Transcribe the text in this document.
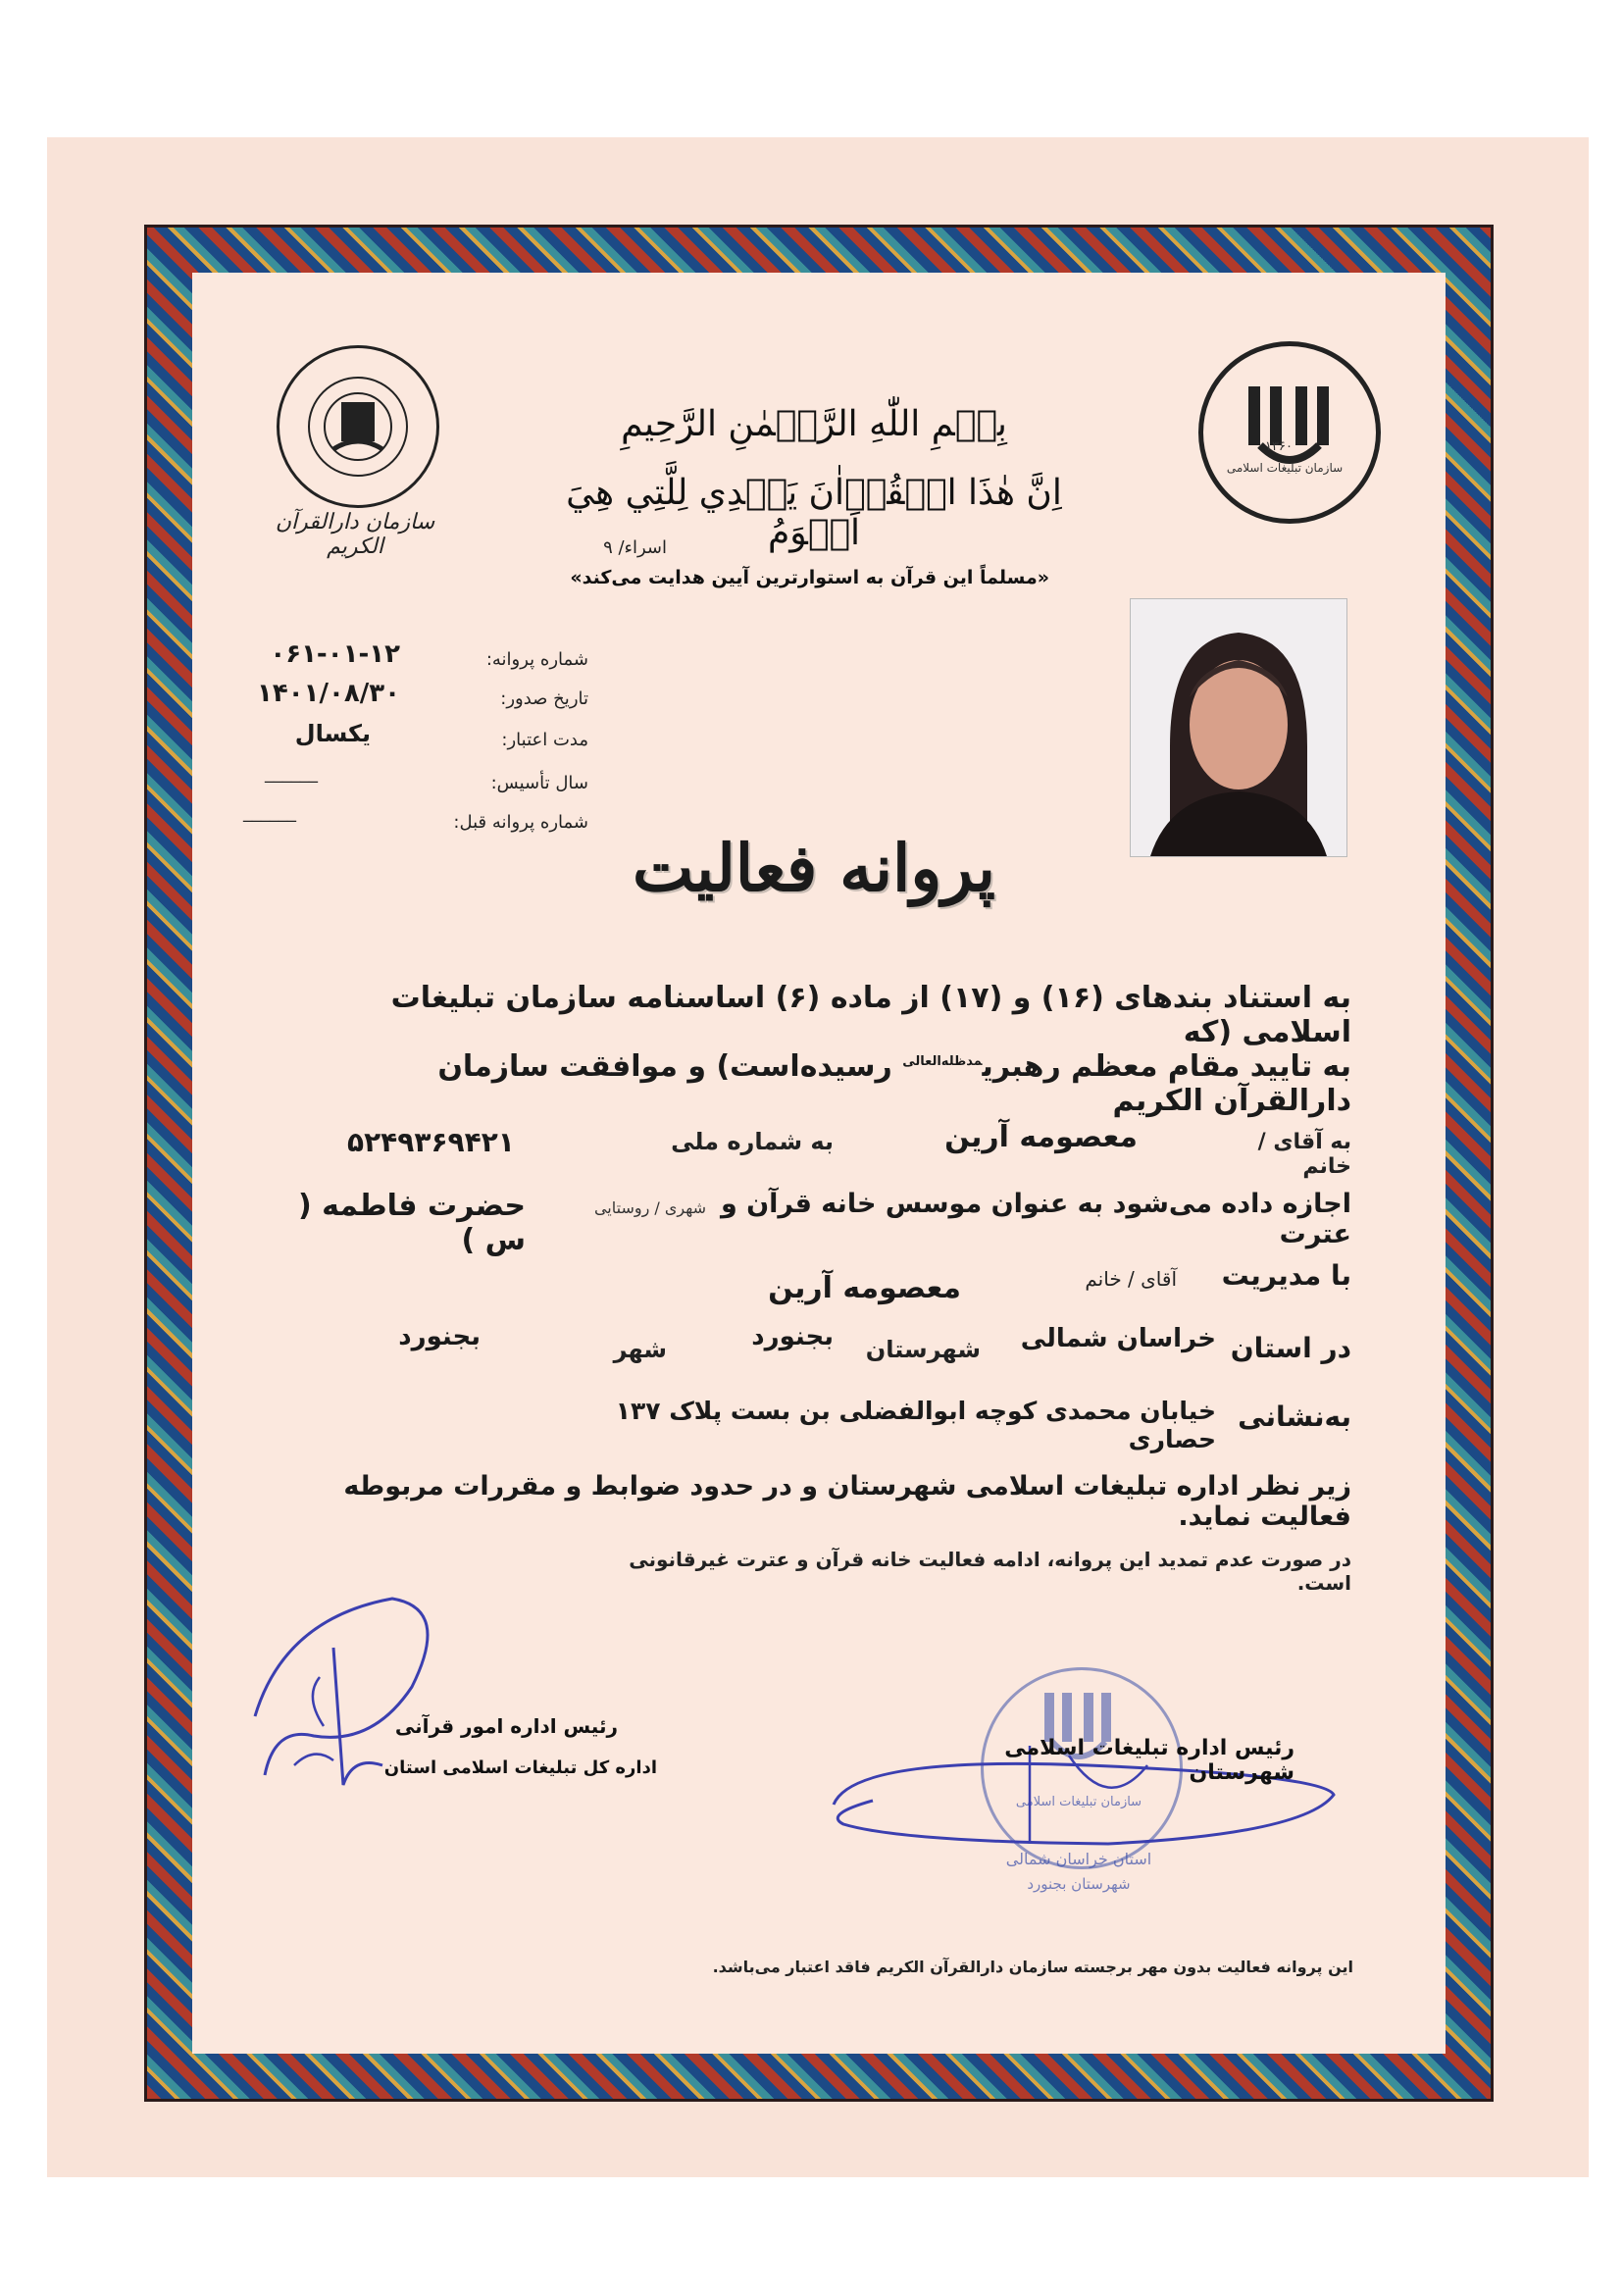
سازمان دارالقرآن الکریم
۱۳۶۰
سازمان تبلیغات اسلامی
بِسۡمِ اللّٰهِ الرَّحۡمٰنِ الرَّحِيمِ
اِنَّ هٰذَا الۡقُرۡاٰنَ يَهۡدِي لِلَّتِي هِيَ اَقۡوَمُ
اسراء/ ۹
«مسلماً این قرآن به استوارترین آیین هدایت می‌کند»
شماره پروانه:
۰۶۱-۰۱-۱۲
تاریخ صدور:
۱۴۰۱/۰۸/۳۰
مدت اعتبار:
یکسال
سال تأسیس:
______
شماره پروانه قبل:
______
پروانه فعالیت
به استناد بندهای (۱۶) و (۱۷) از ماده (۶) اساسنامه سازمان تبلیغات اسلامی (که
به تایید مقام معظم رهبری$^{مدظله‌العالی}$ رسیده‌است) و موافقت سازمان دارالقرآن الکریم
به آقای / خانم
معصومه آرین
به شماره ملی
۵۲۴۹۳۶۹۴۲۱
اجازه داده می‌شود به عنوان موسس خانه قرآن و عترت
شهری / روستایی
حضرت فاطمه ( س )
با مدیریت
آقای / خانم
معصومه آرین
در استان
خراسان شمالی
شهرستان
بجنورد
شهر
بجنورد
به‌نشانی
خیابان محمدی کوچه ابوالفضلی بن بست پلاک ۱۳۷ حصاری
زیر نظر اداره تبلیغات اسلامی شهرستان و در حدود ضوابط و مقررات مربوطه فعالیت نماید.
در صورت عدم تمدید این پروانه، ادامه فعالیت خانه قرآن و عترت غیرقانونی است.
رئیس اداره امور قرآنی
اداره کل تبلیغات اسلامی استان
سازمان تبلیغات اسلامی
استان خراسان شمالی
شهرستان بجنورد
رئیس اداره تبلیغات اسلامی شهرستان
این پروانه فعالیت بدون مهر برجسته سازمان دارالقرآن الکریم فاقد اعتبار می‌باشد.
